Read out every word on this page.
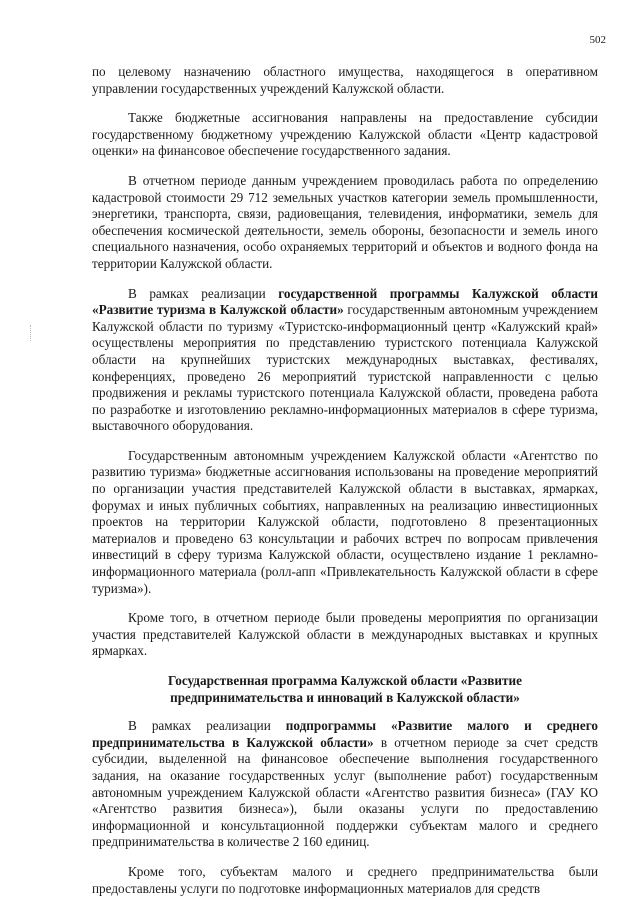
502

по целевому назначению областного имущества, находящегося в оперативном управлении государственных учреждений Калужской области.

Также бюджетные ассигнования направлены на предоставление субсидии государственному бюджетному учреждению Калужской области «Центр кадастровой оценки» на финансовое обеспечение государственного задания.

В отчетном периоде данным учреждением проводилась работа по определению кадастровой стоимости 29 712 земельных участков категории земель промышленности, энергетики, транспорта, связи, радиовещания, телевидения, информатики, земель для обеспечения космической деятельности, земель обороны, безопасности и земель иного специального назначения, особо охраняемых территорий и объектов и водного фонда на территории Калужской области.

В рамках реализации государственной программы Калужской области «Развитие туризма в Калужской области» государственным автономным учреждением Калужской области по туризму «Туристско-информационный центр «Калужский край» осуществлены мероприятия по представлению туристского потенциала Калужской области на крупнейших туристских международных выставках, фестивалях, конференциях, проведено 26 мероприятий туристской направленности с целью продвижения и рекламы туристского потенциала Калужской области, проведена работа по разработке и изготовлению рекламно-информационных материалов в сфере туризма, выставочного оборудования.

Государственным автономным учреждением Калужской области «Агентство по развитию туризма» бюджетные ассигнования использованы на проведение мероприятий по организации участия представителей Калужской области в выставках, ярмарках, форумах и иных публичных событиях, направленных на реализацию инвестиционных проектов на территории Калужской области, подготовлено 8 презентационных материалов и проведено 63 консультации и рабочих встреч по вопросам привлечения инвестиций в сферу туризма Калужской области, осуществлено издание 1 рекламно-информационного материала (ролл-апп «Привлекательность Калужской области в сфере туризма»).

Кроме того, в отчетном периоде были проведены мероприятия по организации участия представителей Калужской области в международных выставках и крупных ярмарках.

Государственная программа Калужской области «Развитие
предпринимательства и инноваций в Калужской области»

В рамках реализации подпрограммы «Развитие малого и среднего предпринимательства в Калужской области» в отчетном периоде за счет средств субсидии, выделенной на финансовое обеспечение выполнения государственного задания, на оказание государственных услуг (выполнение работ) государственным автономным учреждением Калужской области «Агентство развития бизнеса» (ГАУ КО «Агентство развития бизнеса»), были оказаны услуги по предоставлению информационной и консультационной поддержки субъектам малого и среднего предпринимательства в количестве 2 160 единиц.

Кроме того, субъектам малого и среднего предпринимательства были предоставлены услуги по подготовке информационных материалов для средств
